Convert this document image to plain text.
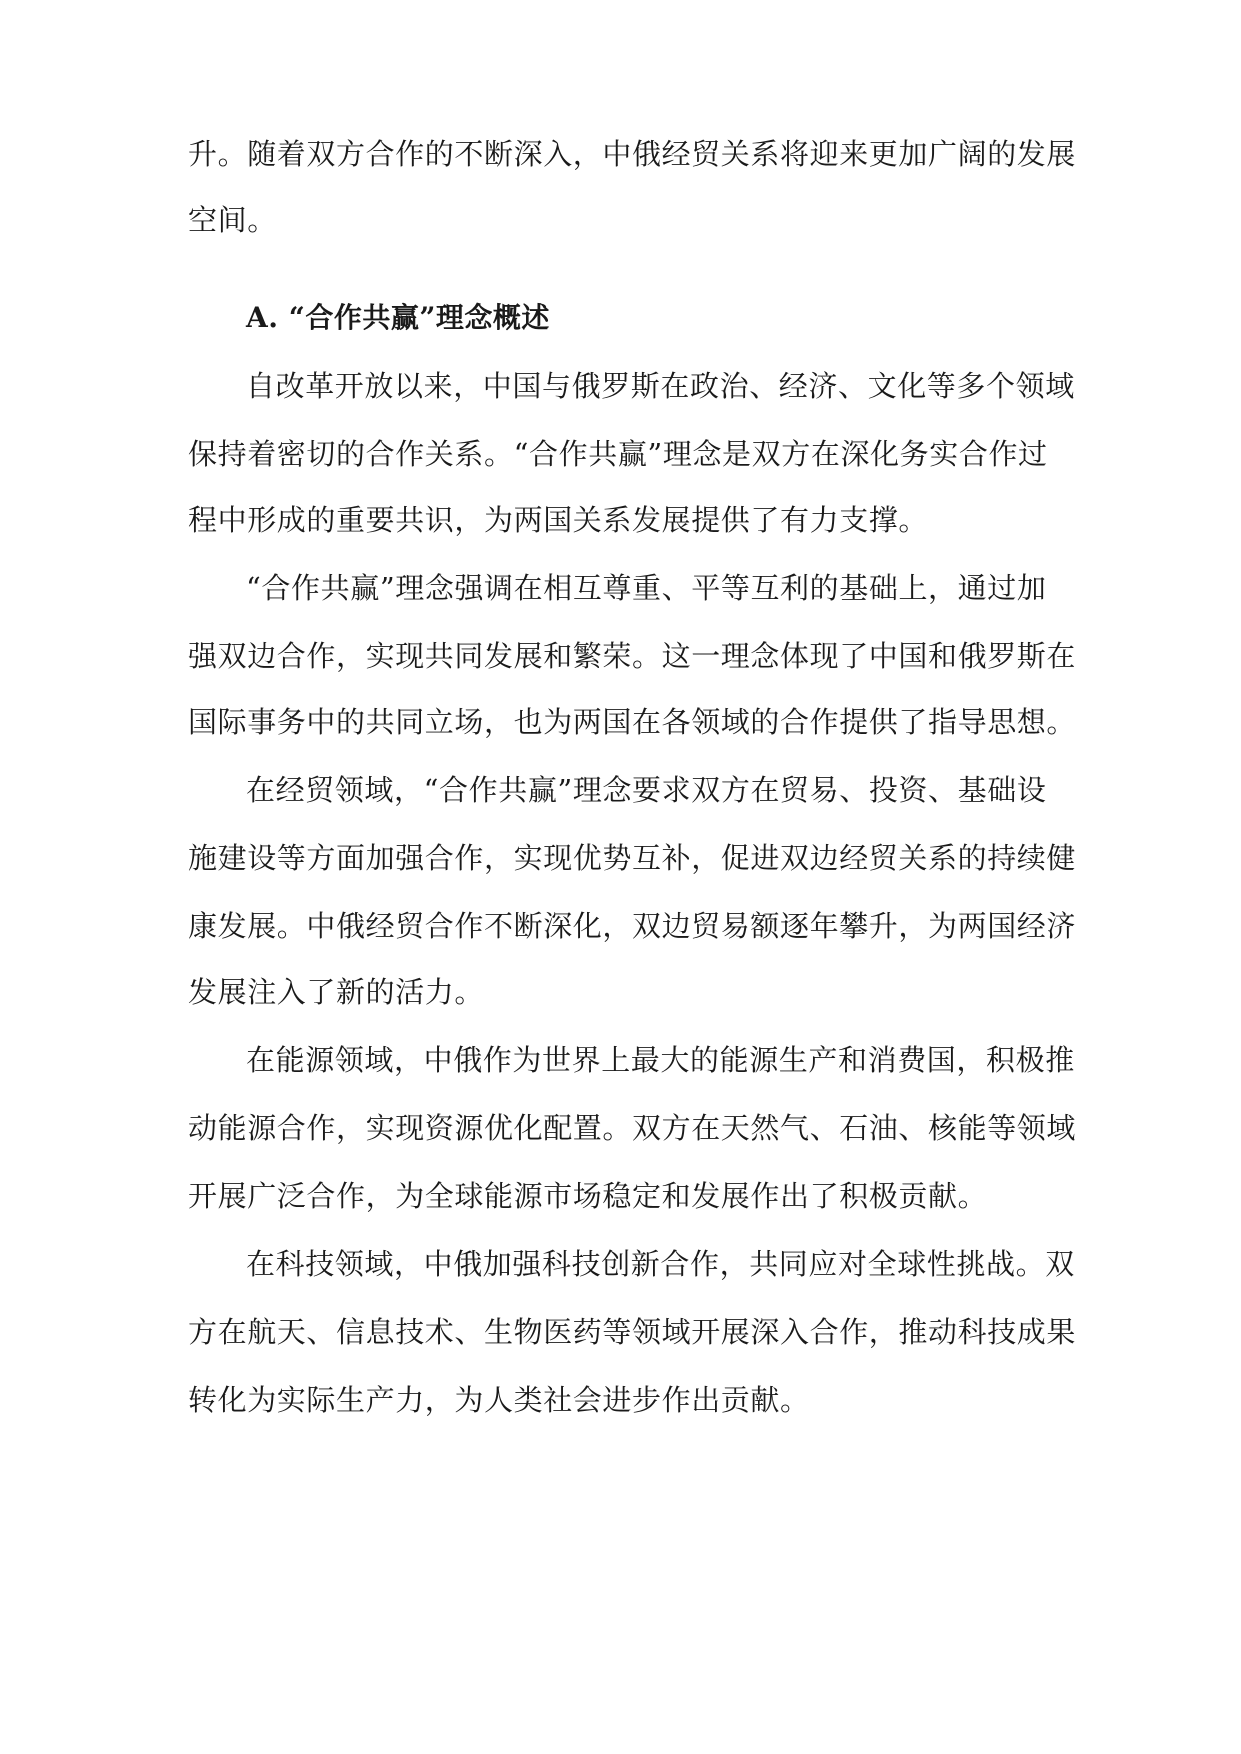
升。随着双方合作的不断深入，中俄经贸关系将迎来更加广阔的发展
空间。
A. “合作共赢”理念概述
自改革开放以来，中国与俄罗斯在政治、经济、文化等多个领域
保持着密切的合作关系。“合作共赢”理念是双方在深化务实合作过
程中形成的重要共识，为两国关系发展提供了有力支撑。
“合作共赢”理念强调在相互尊重、平等互利的基础上，通过加
强双边合作，实现共同发展和繁荣。这一理念体现了中国和俄罗斯在
国际事务中的共同立场，也为两国在各领域的合作提供了指导思想。
在经贸领域，“合作共赢”理念要求双方在贸易、投资、基础设
施建设等方面加强合作，实现优势互补，促进双边经贸关系的持续健
康发展。中俄经贸合作不断深化，双边贸易额逐年攀升，为两国经济
发展注入了新的活力。
在能源领域，中俄作为世界上最大的能源生产和消费国，积极推
动能源合作，实现资源优化配置。双方在天然气、石油、核能等领域
开展广泛合作，为全球能源市场稳定和发展作出了积极贡献。
在科技领域，中俄加强科技创新合作，共同应对全球性挑战。双
方在航天、信息技术、生物医药等领域开展深入合作，推动科技成果
转化为实际生产力，为人类社会进步作出贡献。
